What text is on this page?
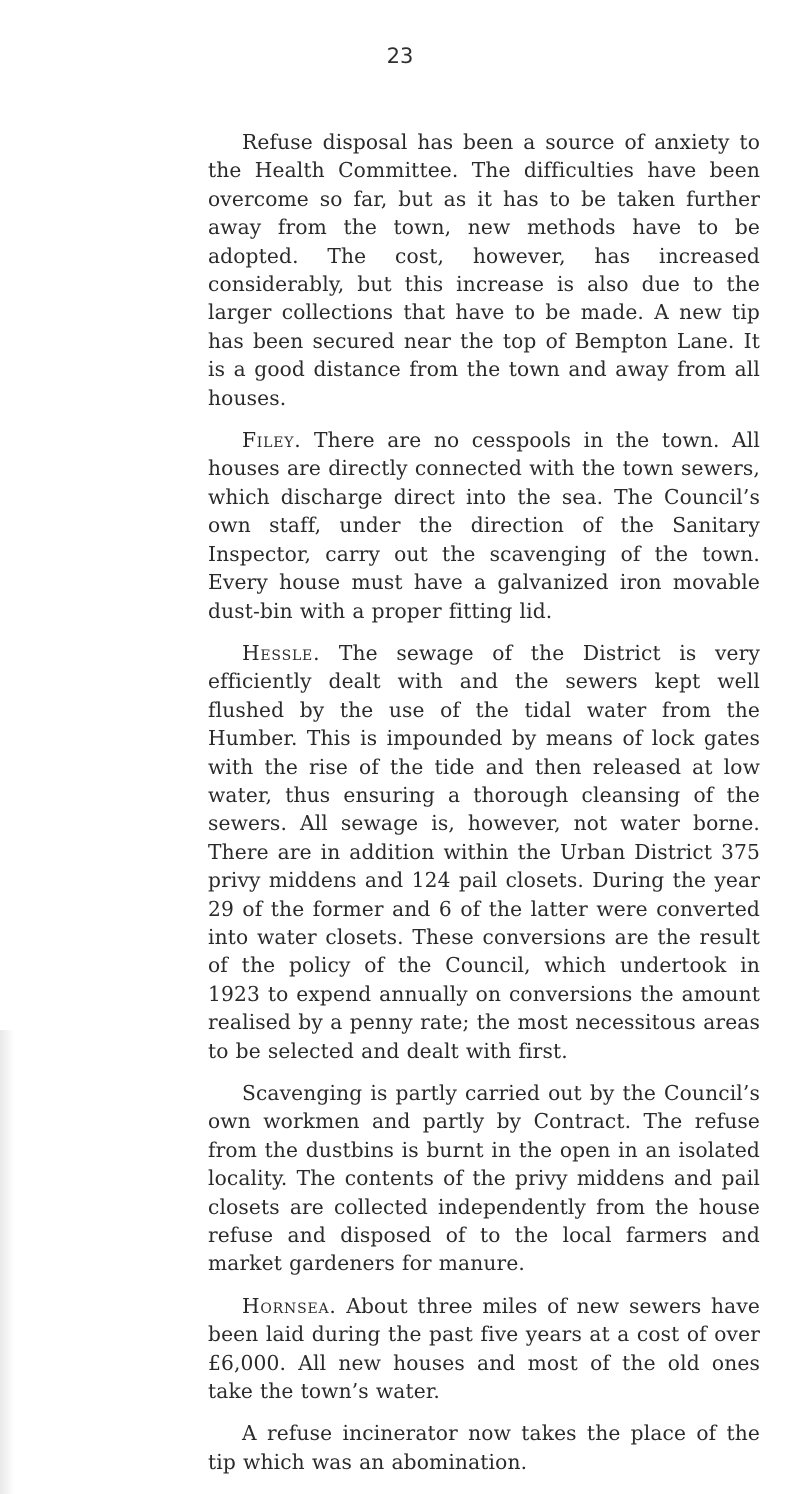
23

Refuse disposal has been a source of anxiety to the Health Committee. The difficulties have been overcome so far, but as it has to be taken further away from the town, new methods have to be adopted. The cost, however, has increased considerably, but this increase is also due to the larger collections that have to be made. A new tip has been secured near the top of Bempton Lane. It is a good distance from the town and away from all houses.

Filey. There are no cesspools in the town. All houses are directly connected with the town sewers, which discharge direct into the sea. The Council’s own staff, under the direction of the Sanitary Inspector, carry out the scavenging of the town. Every house must have a galvanized iron movable dust-bin with a proper fitting lid.

Hessle. The sewage of the District is very efficiently dealt with and the sewers kept well flushed by the use of the tidal water from the Humber. This is impounded by means of lock gates with the rise of the tide and then released at low water, thus ensuring a thorough cleansing of the sewers. All sewage is, however, not water borne. There are in addition within the Urban District 375 privy middens and 124 pail closets. During the year 29 of the former and 6 of the latter were converted into water closets. These conversions are the result of the policy of the Council, which undertook in 1923 to expend annually on conversions the amount realised by a penny rate; the most necessitous areas to be selected and dealt with first.

Scavenging is partly carried out by the Council’s own workmen and partly by Contract. The refuse from the dustbins is burnt in the open in an isolated locality. The contents of the privy middens and pail closets are collected independently from the house refuse and disposed of to the local farmers and market gardeners for manure.

Hornsea. About three miles of new sewers have been laid during the past five years at a cost of over £6,000. All new houses and most of the old ones take the town’s water.

A refuse incinerator now takes the place of the tip which was an abomination.
